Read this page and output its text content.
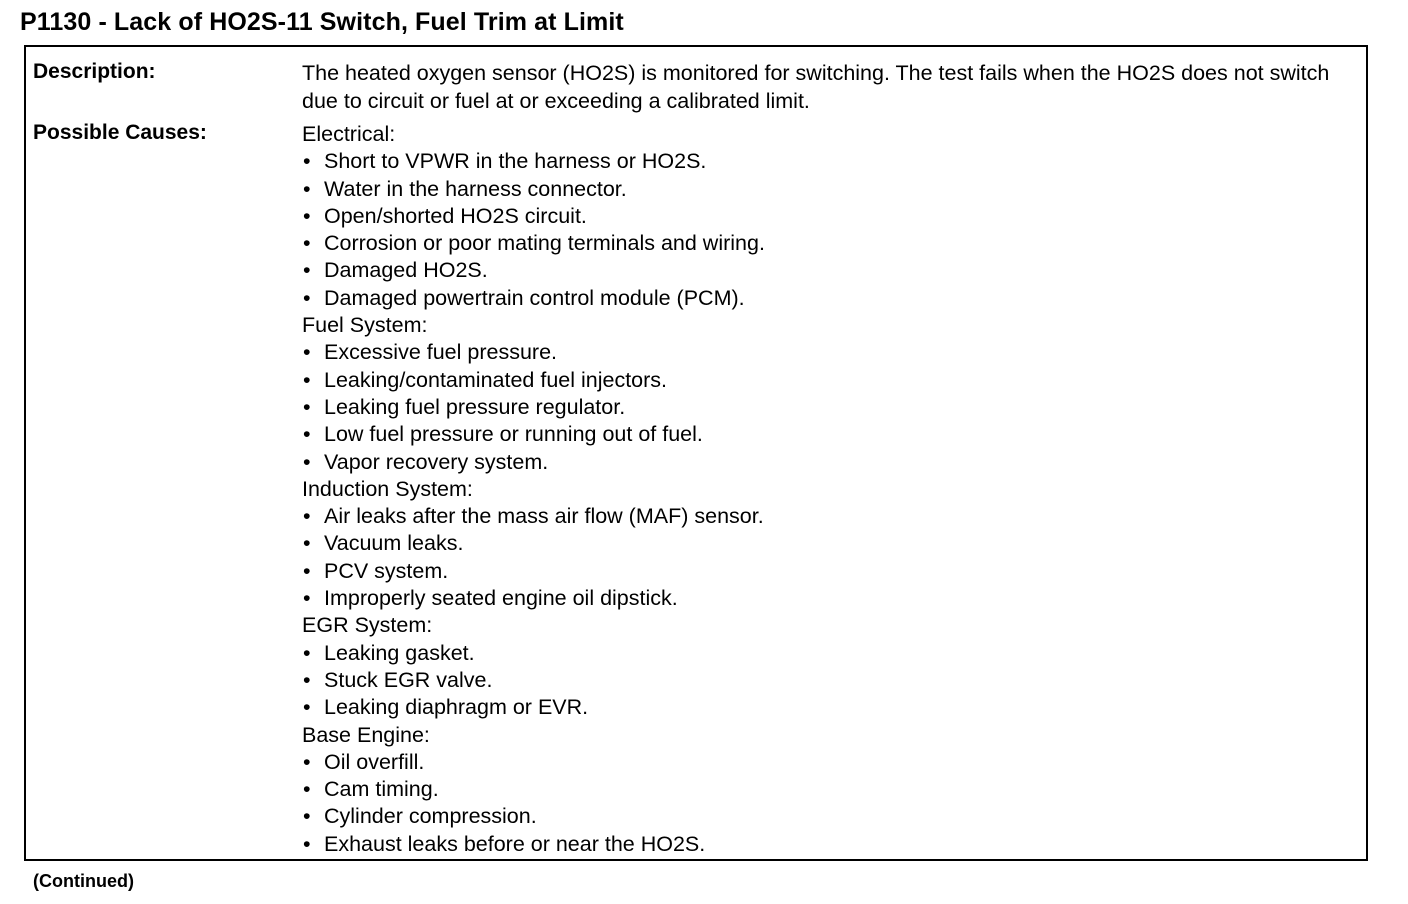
P1130 - Lack of HO2S-11 Switch, Fuel Trim at Limit
Description:	The heated oxygen sensor (HO2S) is monitored for switching. The test fails when the HO2S does not switch due to circuit or fuel at or exceeding a calibrated limit.
Possible Causes:	Electrical:
• Short to VPWR in the harness or HO2S.
• Water in the harness connector.
• Open/shorted HO2S circuit.
• Corrosion or poor mating terminals and wiring.
• Damaged HO2S.
• Damaged powertrain control module (PCM).
Fuel System:
• Excessive fuel pressure.
• Leaking/contaminated fuel injectors.
• Leaking fuel pressure regulator.
• Low fuel pressure or running out of fuel.
• Vapor recovery system.
Induction System:
• Air leaks after the mass air flow (MAF) sensor.
• Vacuum leaks.
• PCV system.
• Improperly seated engine oil dipstick.
EGR System:
• Leaking gasket.
• Stuck EGR valve.
• Leaking diaphragm or EVR.
Base Engine:
• Oil overfill.
• Cam timing.
• Cylinder compression.
• Exhaust leaks before or near the HO2S.
(Continued)
